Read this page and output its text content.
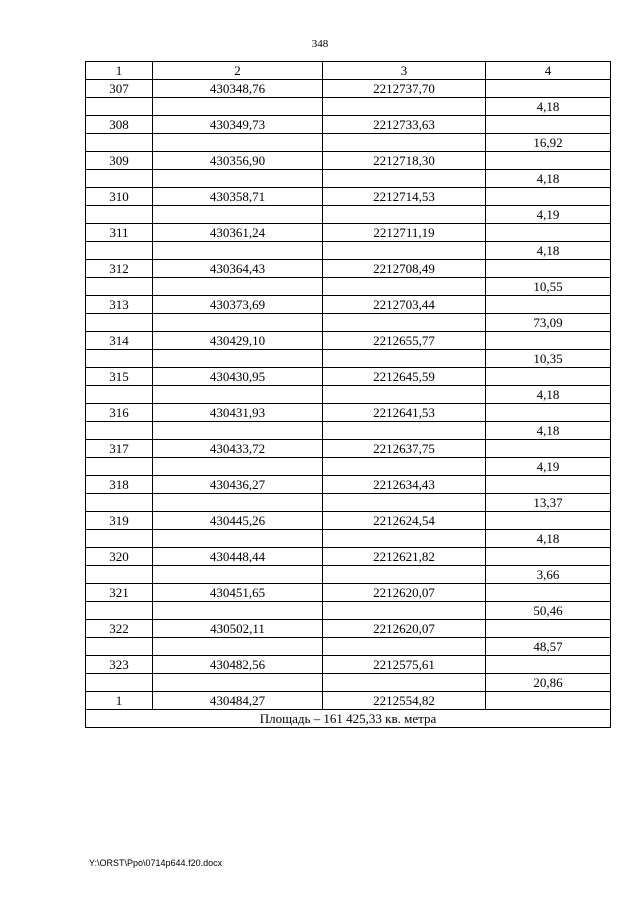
348
1	2	3	4
307	430348,76	2212737,70	
			4,18
308	430349,73	2212733,63	
			16,92
309	430356,90	2212718,30	
			4,18
310	430358,71	2212714,53	
			4,19
311	430361,24	2212711,19	
			4,18
312	430364,43	2212708,49	
			10,55
313	430373,69	2212703,44	
			73,09
314	430429,10	2212655,77	
			10,35
315	430430,95	2212645,59	
			4,18
316	430431,93	2212641,53	
			4,18
317	430433,72	2212637,75	
			4,19
318	430436,27	2212634,43	
			13,37
319	430445,26	2212624,54	
			4,18
320	430448,44	2212621,82	
			3,66
321	430451,65	2212620,07	
			50,46
322	430502,11	2212620,07	
			48,57
323	430482,56	2212575,61	
			20,86
1	430484,27	2212554,82	
Площадь – 161 425,33 кв. метра			
Y:\ORST\Ppo\0714p644.f20.docx
